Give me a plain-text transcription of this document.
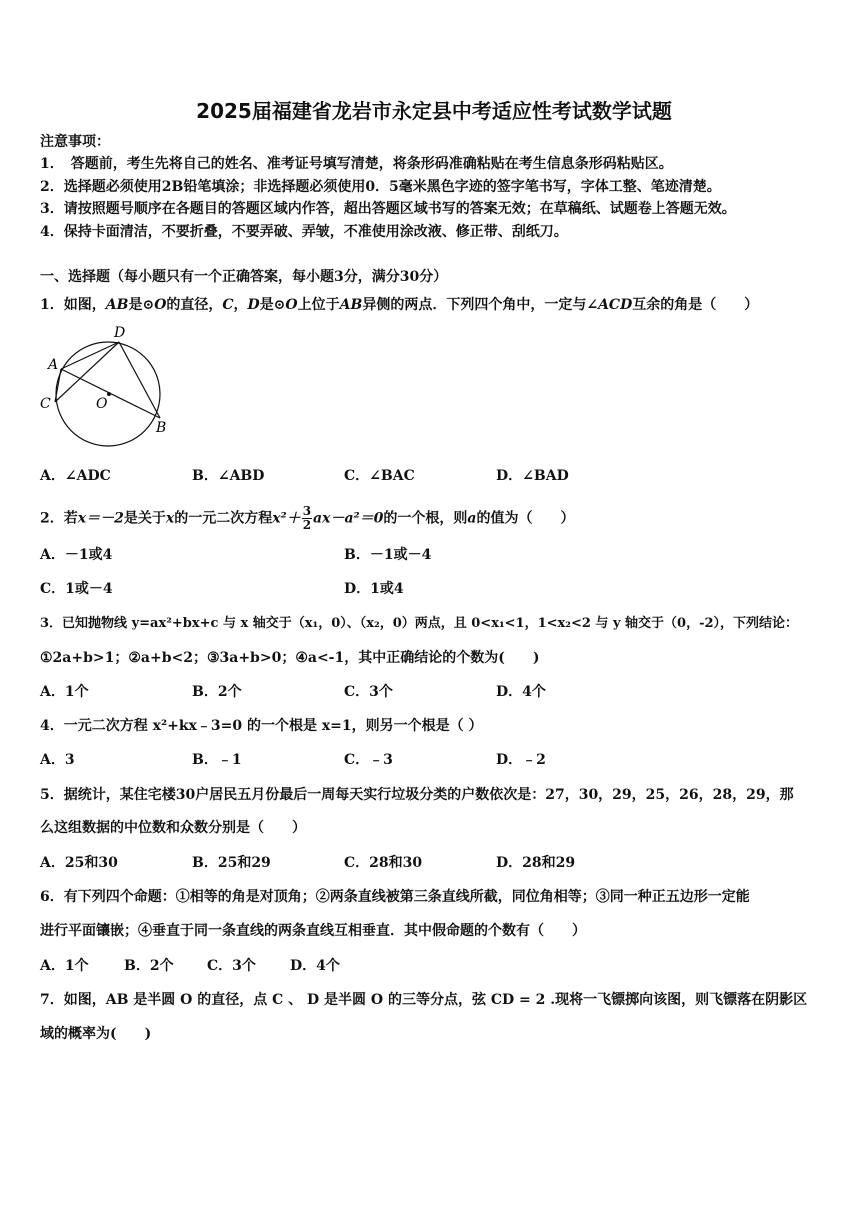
2025届福建省龙岩市永定县中考适应性考试数学试题
注意事项：
1．　答题前，考生先将自己的姓名、准考证号填写清楚，将条形码准确粘贴在考生信息条形码粘贴区。
2．选择题必须使用2B铅笔填涂；非选择题必须使用0．5毫米黑色字迹的签字笔书写，字体工整、笔迹清楚。
3．请按照题号顺序在各题目的答题区域内作答，超出答题区域书写的答案无效；在草稿纸、试题卷上答题无效。
4．保持卡面清洁，不要折叠，不要弄破、弄皱，不准使用涂改液、修正带、刮纸刀。
一、选择题（每小题只有一个正确答案，每小题3分，满分30分）
1．如图，AB是⊙O的直径，C，D是⊙O上位于AB异侧的两点．下列四个角中，一定与∠ACD互余的角是（　　）
D
A
C	O
B
A．∠ADC	B．∠ABD	C．∠BAC	D．∠BAD
2．若x＝－2是关于x的一元二次方程$x^2+ \frac{3}{2} ax-a^2=0$的一个根，则a的值为（　　）
A．－1或4	B．－1或－4
C．1或－4	D．1或4
3．已知抛物线 y=ax²+bx+c 与 x 轴交于（x₁，0）、（x₂，0）两点，且 0<x₁<1，1<x₂<2 与 y 轴交于（0，-2），下列结论：
①2a+b>1；②a+b<2；③3a+b>0；④a<-1，其中正确结论的个数为(　　)
A．1个	B．2个	C．3个	D．4个
4．一元二次方程 x²+kx﹣3=0 的一个根是 x=1，则另一个根是（ ）
A．3	B．﹣1	C．﹣3	D．﹣2
5．据统计，某住宅楼30户居民五月份最后一周每天实行垃圾分类的户数依次是：27，30，29，25，26，28，29，那
么这组数据的中位数和众数分别是（　　）
A．25和30	B．25和29	C．28和30	D．28和29
6．有下列四个命题：①相等的角是对顶角；②两条直线被第三条直线所截，同位角相等；③同一种正五边形一定能
进行平面镶嵌；④垂直于同一条直线的两条直线互相垂直．其中假命题的个数有（　　）
A．1个	B．2个 C．3个 D．4个
7．如图，AB 是半圆 O 的直径，点 C 、 D 是半圆 O 的三等分点，弦 CD = 2 .现将一飞镖掷向该图，则飞镖落在阴影区
域的概率为(　　)
